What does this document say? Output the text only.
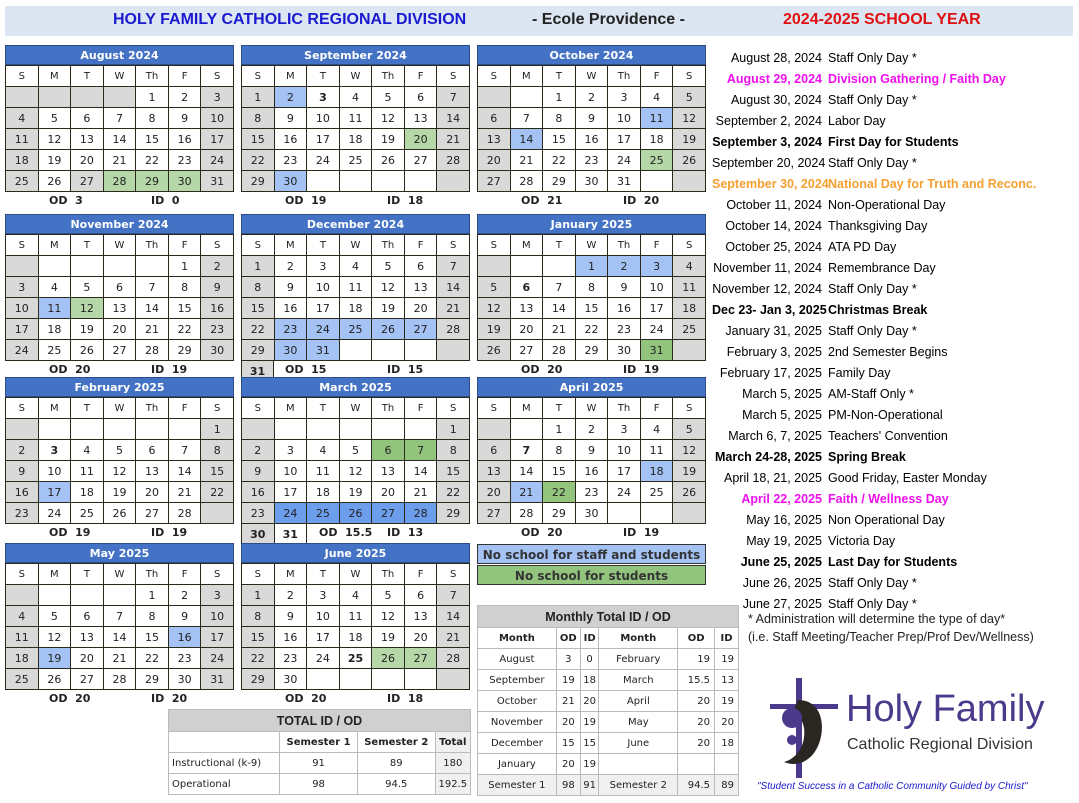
HOLY FAMILY CATHOLIC REGIONAL DIVISION	- Ecole Providence -	2024-2025 SCHOOL YEAR
August 2024
S	M	T	W	Th	F	S
				1	2	3
4	5	6	7	8	9	10
11	12	13	14	15	16	17
18	19	20	21	22	23	24
25	26	27	28	29	30	31
OD 3	ID 0
September 2024
S	M	T	W	Th	F	S
1	2	3	4	5	6	7
8	9	10	11	12	13	14
15	16	17	18	19	20	21
22	23	24	25	26	27	28
29	30					
OD 19	ID 18
October 2024
S	M	T	W	Th	F	S
		1	2	3	4	5
6	7	8	9	10	11	12
13	14	15	16	17	18	19
20	21	22	23	24	25	26
27	28	29	30	31		
OD 21	ID 20
November 2024
S	M	T	W	Th	F	S
					1	2
3	4	5	6	7	8	9
10	11	12	13	14	15	16
17	18	19	20	21	22	23
24	25	26	27	28	29	30
OD 20	ID 19
December 2024
S	M	T	W	Th	F	S
1	2	3	4	5	6	7
8	9	10	11	12	13	14
15	16	17	18	19	20	21
22	23	24	25	26	27	28
29	30	31				
31 OD 15	ID 15
January 2025
S	M	T	W	Th	F	S
			1	2	3	4
5	6	7	8	9	10	11
12	13	14	15	16	17	18
19	20	21	22	23	24	25
26	27	28	29	30	31	
OD 20	ID 19
February 2025
S	M	T	W	Th	F	S
						1
2	3	4	5	6	7	8
9	10	11	12	13	14	15
16	17	18	19	20	21	22
23	24	25	26	27	28	
OD 19	ID 19
March 2025
S	M	T	W	Th	F	S
						1
2	3	4	5	6	7	8
9	10	11	12	13	14	15
16	17	18	19	20	21	22
23	24	25	26	27	28	29
30	31 OD 15.5 ID 13
April 2025
S	M	T	W	Th	F	S
		1	2	3	4	5
6	7	8	9	10	11	12
13	14	15	16	17	18	19
20	21	22	23	24	25	26
27	28	29	30			
OD 20	ID 19
May 2025
S	M	T	W	Th	F	S
				1	2	3
4	5	6	7	8	9	10
11	12	13	14	15	16	17
18	19	20	21	22	23	24
25	26	27	28	29	30	31
OD 20	ID 20
June 2025
S	M	T	W	Th	F	S
1	2	3	4	5	6	7
8	9	10	11	12	13	14
15	16	17	18	19	20	21
22	23	24	25	26	27	28
29	30					
OD 20	ID 18
August 28, 2024 Staff Only Day *
August 29, 2024 Division Gathering / Faith Day
August 30, 2024 Staff Only Day *
September 2, 2024 Labor Day
September 3, 2024 First Day for Students
September 20, 2024 Staff Only Day *
September 30, 2024 National Day for Truth and Reconc.
October 11, 2024 Non-Operational Day
October 14, 2024 Thanksgiving Day
October 25, 2024 ATA PD Day
November 11, 2024 Remembrance Day
November 12, 2024 Staff Only Day *
Dec 23- Jan 3, 2025 Christmas Break
January 31, 2025 Staff Only Day *
February 3, 2025 2nd Semester Begins
February 17, 2025 Family Day
March 5, 2025 AM-Staff Only *
March 5, 2025 PM-Non-Operational
March 6, 7, 2025 Teachers' Convention
March 24-28, 2025 Spring Break
April 18, 21, 2025 Good Friday, Easter Monday
April 22, 2025 Faith / Wellness Day
May 16, 2025 Non Operational Day
May 19, 2025 Victoria Day
June 25, 2025 Last Day for Students
June 26, 2025 Staff Only Day *
June 27, 2025 Staff Only Day *
* Administration will determine the type of day*
(i.e. Staff Meeting/Teacher Prep/Prof Dev/Wellness)
No school for staff and students
No school for students
Monthly Total ID / OD					
Month	OD	ID	Month	OD	ID
August	3	0	February	19	19
September	19	18	March	15.5	13
October	21	20	April	20	19
November	20	19	May	20	20
December	15	15	June	20	18
January	20	19			
Semester 1	98	91	Semester 2	94.5	89
TOTAL ID / OD			
	Semester 1	Semester 2	Total
Instructional (k-9)	91	89	180
Operational	98	94.5	192.5
Holy Family
Catholic Regional Division
"Student Success in a Catholic Community Guided by Christ"
